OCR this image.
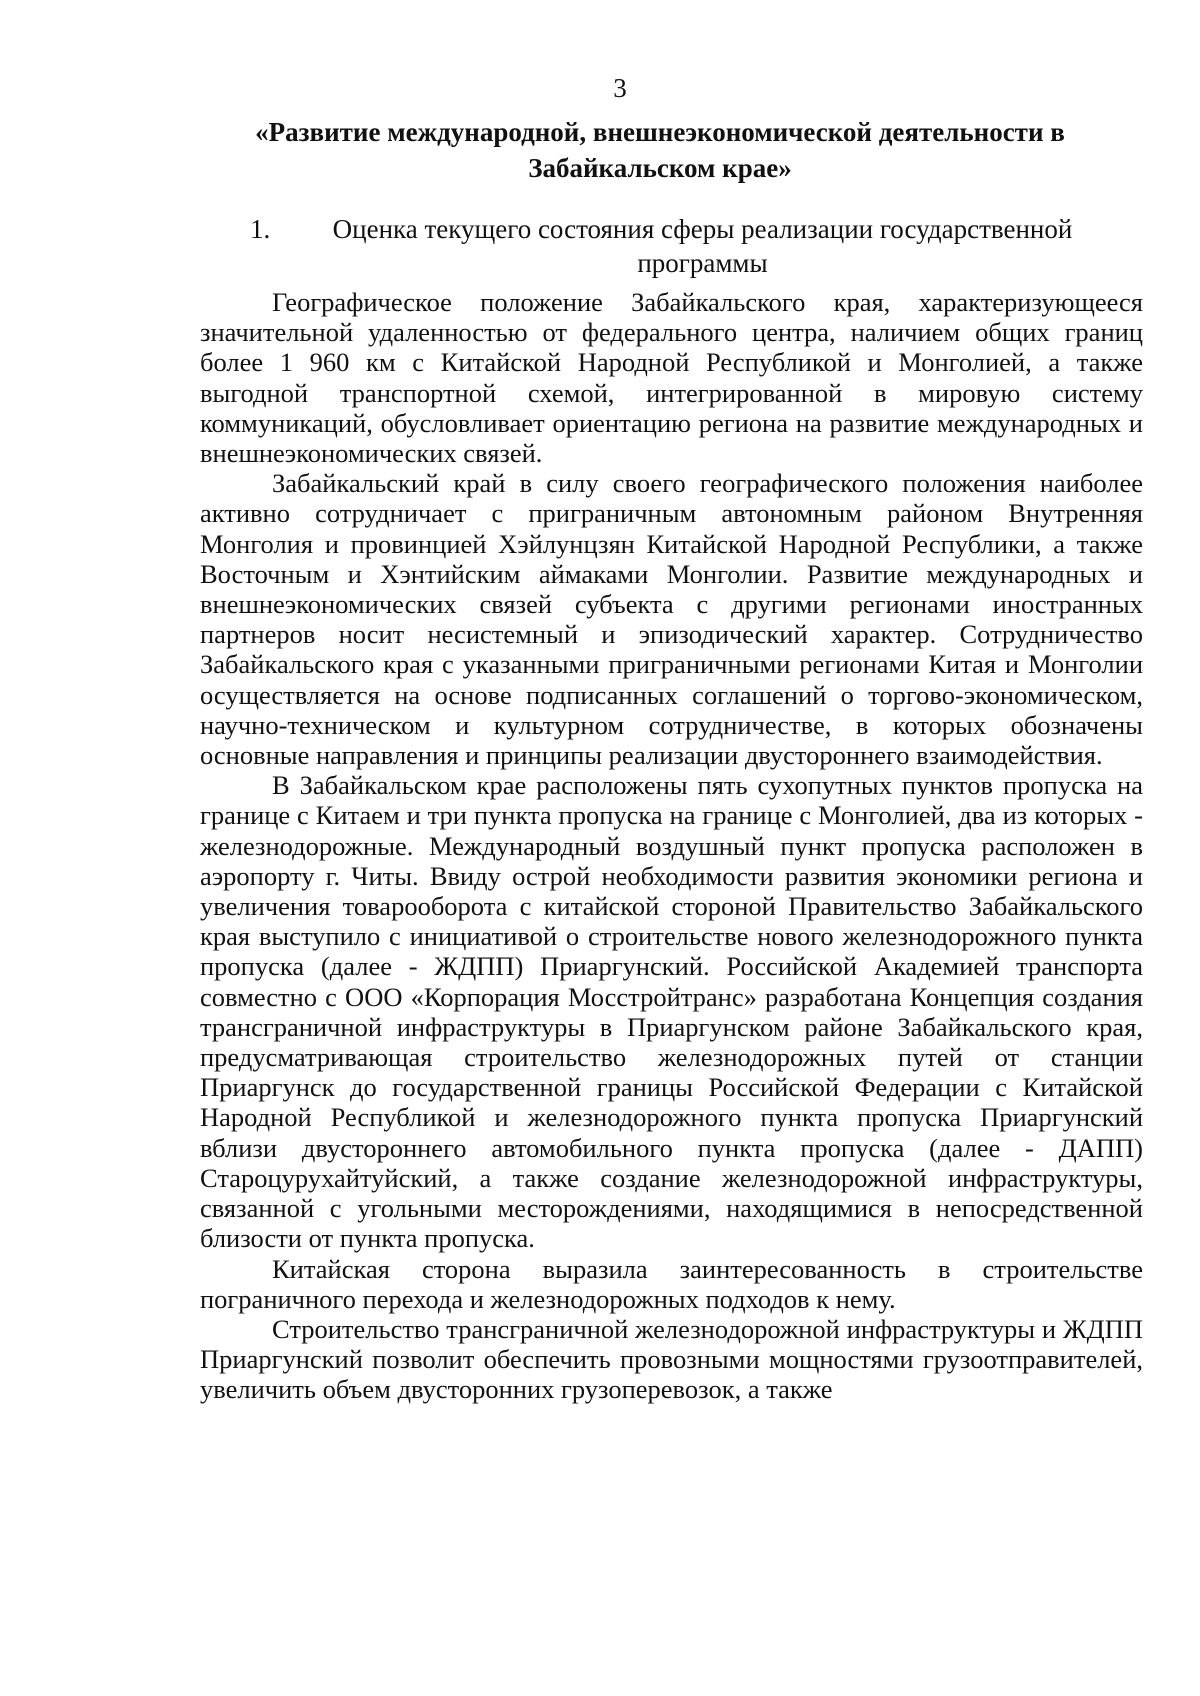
3
«Развитие международной, внешнеэкономической деятельности в Забайкальском крае»
1.	Оценка текущего состояния сферы реализации государственной программы

Географическое положение Забайкальского края, характеризующееся значительной удаленностью от федерального центра, наличием общих границ более 1 960 км с Китайской Народной Республикой и Монголией, а также выгодной транспортной схемой, интегрированной в мировую систему коммуникаций, обусловливает ориентацию региона на развитие международных и внешнеэкономических связей.

Забайкальский край в силу своего географического положения наиболее активно сотрудничает с приграничным автономным районом Внутренняя Монголия и провинцией Хэйлунцзян Китайской Народной Республики, а также Восточным и Хэнтийским аймаками Монголии. Развитие международных и внешнеэкономических связей субъекта с другими регионами иностранных партнеров носит несистемный и эпизодический характер. Сотрудничество Забайкальского края с указанными приграничными регионами Китая и Монголии осуществляется на основе подписанных соглашений о торгово-экономическом, научно-техническом и культурном сотрудничестве, в которых обозначены основные направления и принципы реализации двустороннего взаимодействия.

В Забайкальском крае расположены пять сухопутных пунктов пропуска на границе с Китаем и три пункта пропуска на границе с Монголией, два из которых - железнодорожные. Международный воздушный пункт пропуска расположен в аэропорту г. Читы. Ввиду острой необходимости развития экономики региона и увеличения товарооборота с китайской стороной Правительство Забайкальского края выступило с инициативой о строительстве нового железнодорожного пункта пропуска (далее - ЖДПП) Приаргунский. Российской Академией транспорта совместно с ООО «Корпорация Мосстройтранс» разработана Концепция создания трансграничной инфраструктуры в Приаргунском районе Забайкальского края, предусматривающая строительство железнодорожных путей от станции Приаргунск до государственной границы Российской Федерации с Китайской Народной Республикой и железнодорожного пункта пропуска Приаргунский вблизи двустороннего автомобильного пункта пропуска (далее - ДАПП) Староцурухайтуйский, а также создание железнодорожной инфраструктуры, связанной с угольными месторождениями, находящимися в непосредственной близости от пункта пропуска.

Китайская сторона выразила заинтересованность в строительстве пограничного перехода и железнодорожных подходов к нему.

Строительство трансграничной железнодорожной инфраструктуры и ЖДПП Приаргунский позволит обеспечить провозными мощностями грузоотправителей, увеличить объем двусторонних грузоперевозок, а также
